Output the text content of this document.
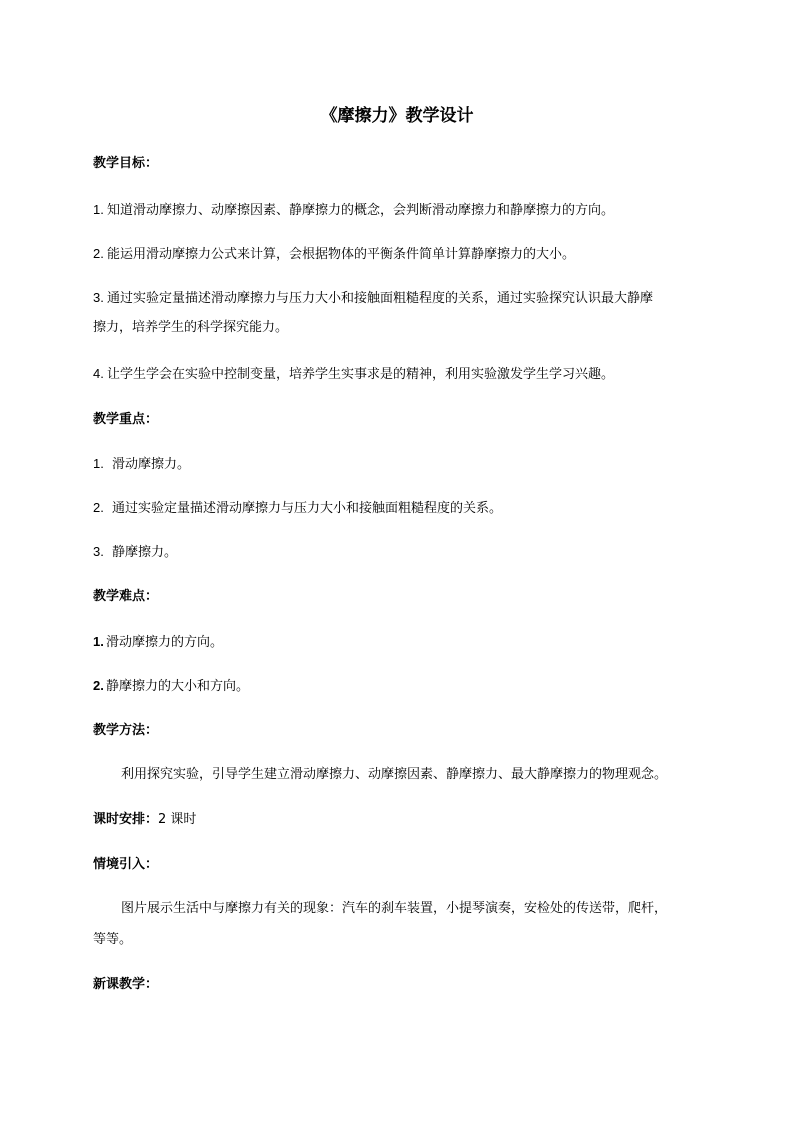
《摩擦力》教学设计
教学目标：
1. 知道滑动摩擦力、动摩擦因素、静摩擦力的概念，会判断滑动摩擦力和静摩擦力的方向。
2. 能运用滑动摩擦力公式来计算，会根据物体的平衡条件简单计算静摩擦力的大小。
3. 通过实验定量描述滑动摩擦力与压力大小和接触面粗糙程度的关系，通过实验探究认识最大静摩
擦力，培养学生的科学探究能力。
4. 让学生学会在实验中控制变量，培养学生实事求是的精神，利用实验激发学生学习兴趣。
教学重点：
1. 滑动摩擦力。
2. 通过实验定量描述滑动摩擦力与压力大小和接触面粗糙程度的关系。
3. 静摩擦力。
教学难点：
1. 滑动摩擦力的方向。
2. 静摩擦力的大小和方向。
教学方法：
利用探究实验，引导学生建立滑动摩擦力、动摩擦因素、静摩擦力、最大静摩擦力的物理观念。
课时安排：2 课时
情境引入：
图片展示生活中与摩擦力有关的现象：汽车的刹车装置，小提琴演奏，安检处的传送带，爬杆，
等等。
新课教学：
